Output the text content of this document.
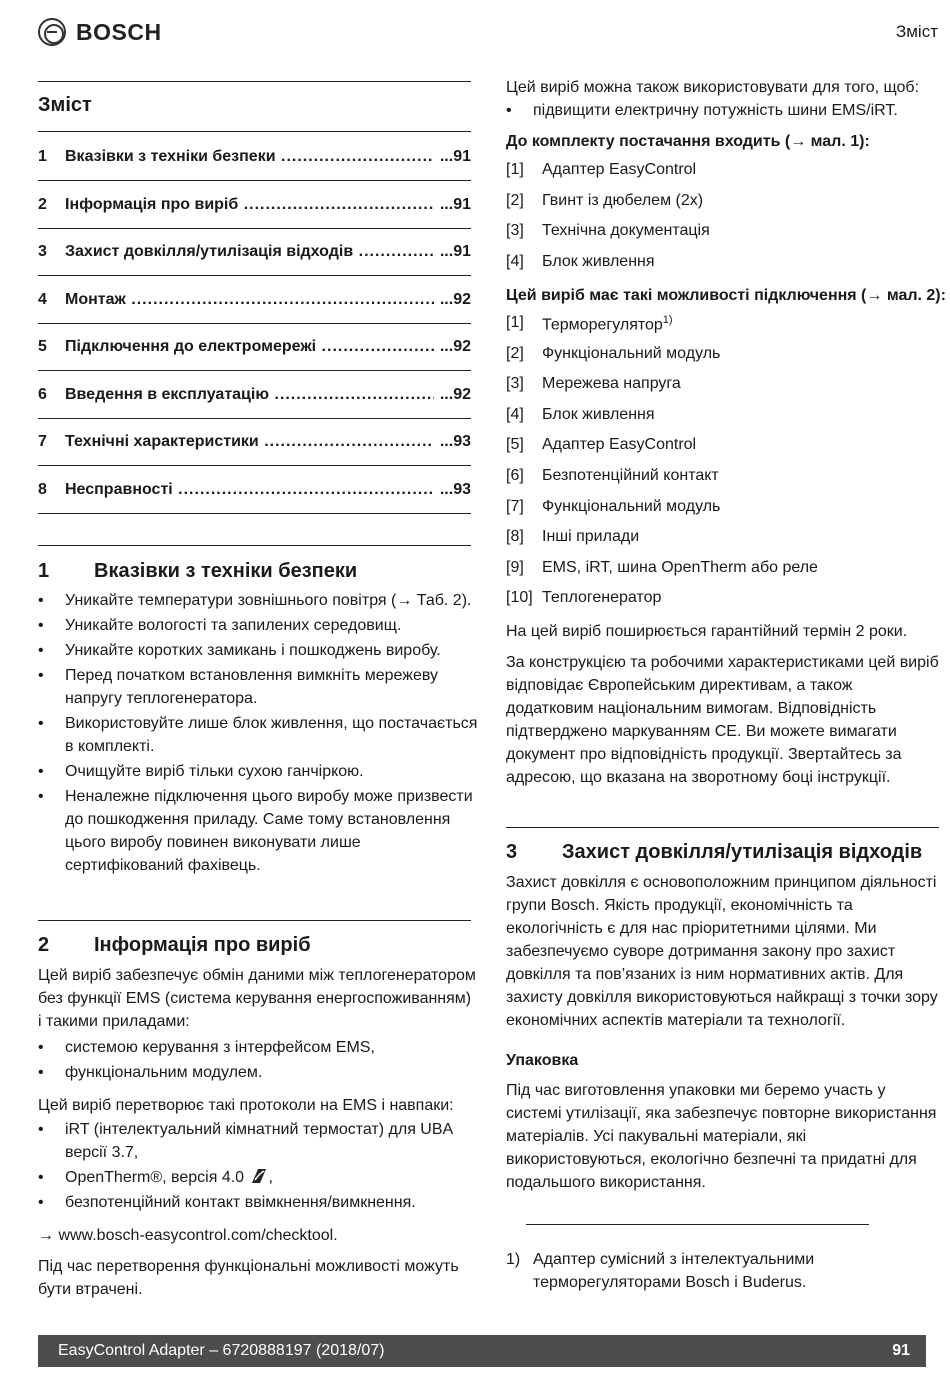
BOSCH	Зміст
Зміст
1	Вказівки з техніки безпеки .....	...91
2	Інформація про виріб .....	...91
3	Захист довкілля/утилізація відходів .....	...91
4	Монтаж .....	...92
5	Підключення до електромережі .....	...92
6	Введення в експлуатацію .....	...92
7	Технічні характеристики .....	...93
8	Несправності .....	...93
1	Вказівки з техніки безпеки
• Уникайте температури зовнішнього повітря (→ Таб. 2).
• Уникайте вологості та запилених середовищ.
• Уникайте коротких замикань і пошкоджень виробу.
• Перед початком встановлення вимкніть мережеву напругу теплогенератора.
• Використовуйте лише блок живлення, що постачається в комплекті.
• Очищуйте виріб тільки сухою ганчіркою.
• Неналежне підключення цього виробу може призвести до пошкодження приладу. Саме тому встановлення цього виробу повинен виконувати лише сертифікований фахівець.
2	Інформація про виріб
Цей виріб забезпечує обмін даними між теплогенератором без функції EMS (система керування енергоспоживанням) і такими приладами:
• системою керування з інтерфейсом EMS,
• функціональним модулем.
Цей виріб перетворює такі протоколи на EMS і навпаки:
• iRT (інтелектуальний кімнатний термостат) для UBA версії 3.7,
• OpenTherm®, версія 4.0 ,
• безпотенційний контакт ввімкнення/вимкнення.
→ www.bosch-easycontrol.com/checktool.
Під час перетворення функціональні можливості можуть бути втрачені.
Цей виріб можна також використовувати для того, щоб:
• підвищити електричну потужність шини EMS/iRT.
До комплекту постачання входить (→ мал. 1):
[1]	Адаптер EasyControl
[2]	Гвинт із дюбелем (2x)
[3]	Технічна документація
[4]	Блок живлення
Цей виріб має такі можливості підключення (→ мал. 2):
[1]	Терморегулятор$^{1)}$
[2]	Функціональний модуль
[3]	Мережева напруга
[4]	Блок живлення
[5]	Адаптер EasyControl
[6]	Безпотенційний контакт
[7]	Функціональний модуль
[8]	Інші прилади
[9]	EMS, iRT, шина OpenTherm або реле
[10] Теплогенератор
На цей виріб поширюється гарантійний термін 2 роки.
За конструкцією та робочими характеристиками цей виріб відповідає Європейським директивам, а також додатковим національним вимогам. Відповідність підтверджено маркуванням CE. Ви можете вимагати документ про відповідність продукції. Звертайтесь за адресою, що вказана на зворотному боці інструкції.
3	Захист довкілля/утилізація відходів
Захист довкілля є основоположним принципом діяльності групи Bosch. Якість продукції, економічність та екологічність є для нас пріоритетними цілями. Ми забезпечуємо суворе дотримання закону про захист довкілля та пов’язаних із ним нормативних актів. Для захисту довкілля використовуються найкращі з точки зору економічних аспектів матеріали та технології.
Упаковка
Під час виготовлення упаковки ми беремо участь у системі утилізації, яка забезпечує повторне використання матеріалів. Усі пакувальні матеріали, які використовуються, екологічно безпечні та придатні для подальшого використання.
1) Адаптер сумісний з інтелектуальними терморегуляторами Bosch і Buderus.
EasyControl Adapter – 6720888197 (2018/07)	91
